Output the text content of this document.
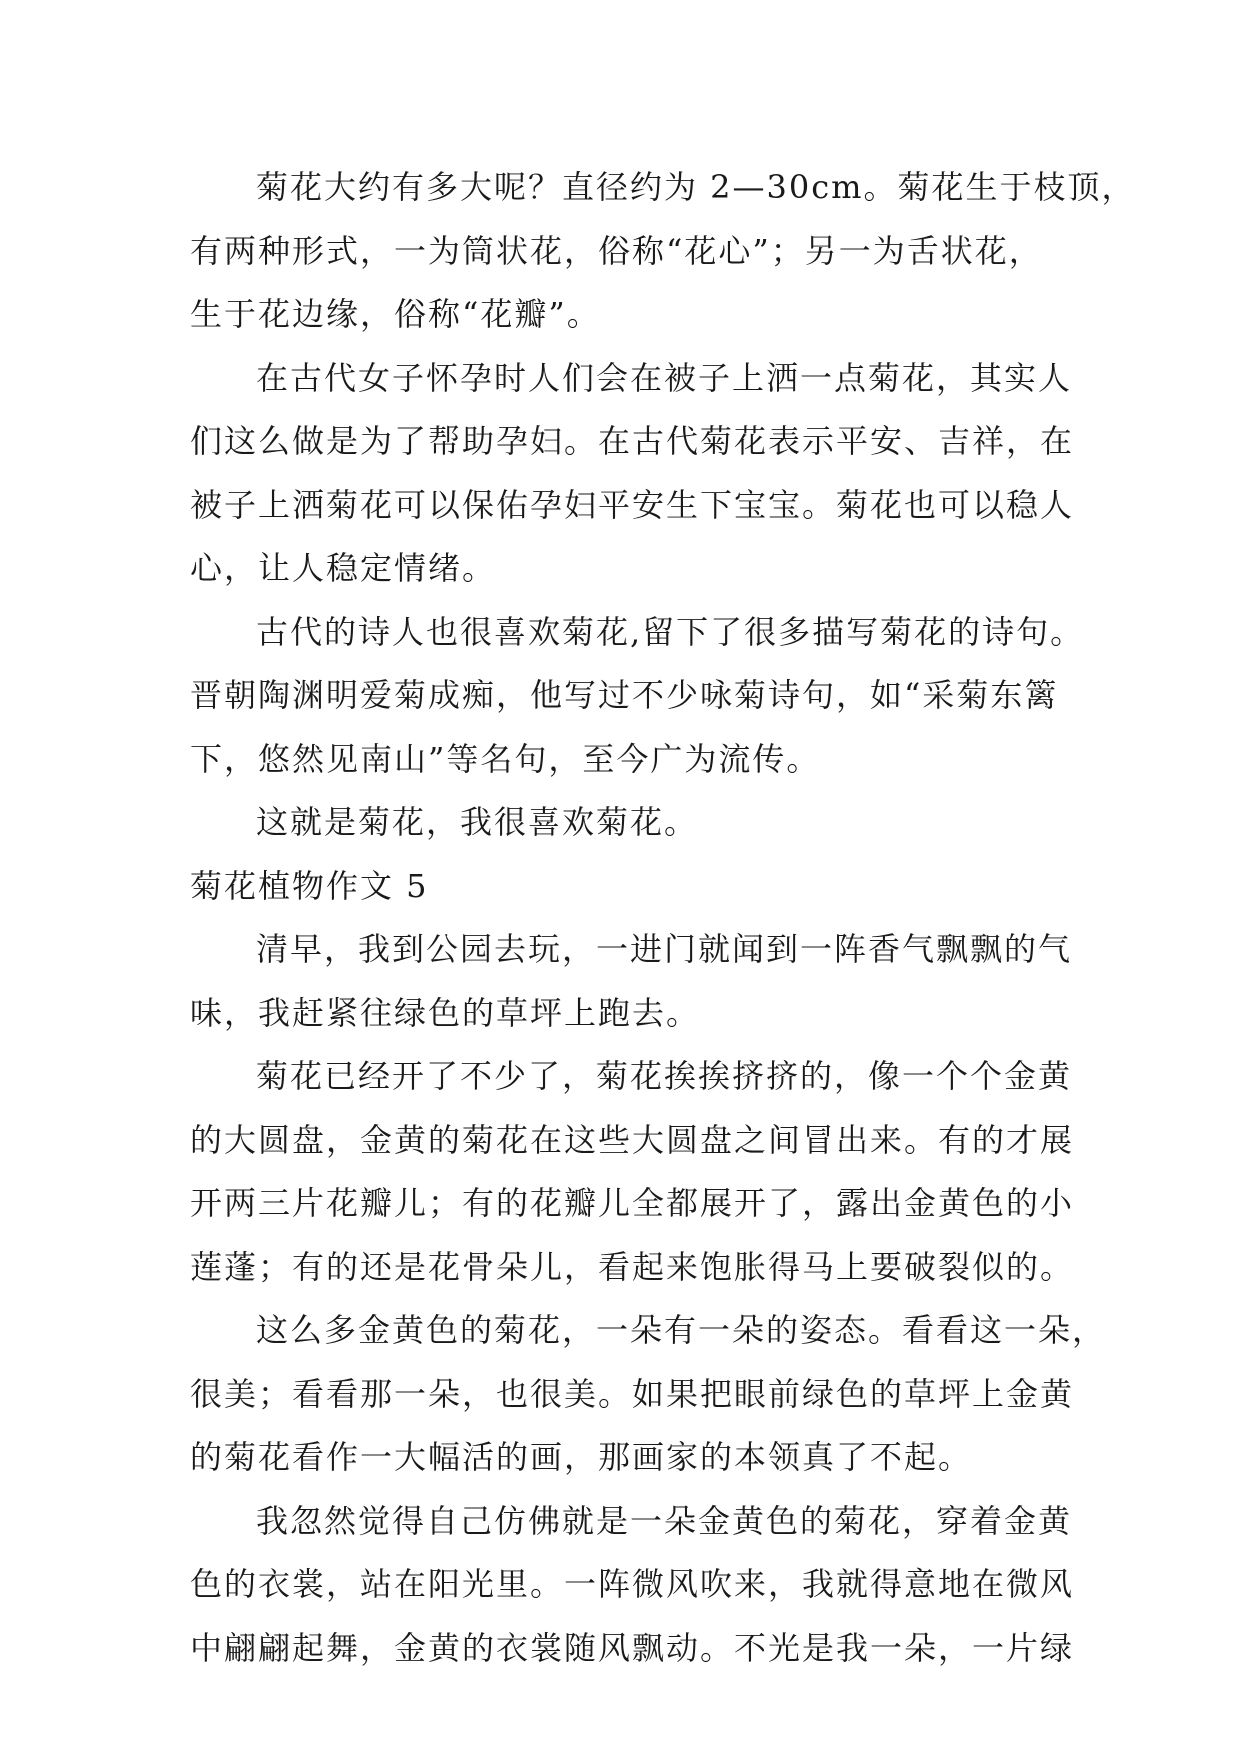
菊花大约有多大呢？直径约为 2—30cm。菊花生于枝顶，
有两种形式，一为筒状花，俗称“花心”；另一为舌状花，
生于花边缘，俗称“花瓣”。
在古代女子怀孕时人们会在被子上洒一点菊花，其实人
们这么做是为了帮助孕妇。在古代菊花表示平安、吉祥，在
被子上洒菊花可以保佑孕妇平安生下宝宝。菊花也可以稳人
心，让人稳定情绪。
古代的诗人也很喜欢菊花,留下了很多描写菊花的诗句。
晋朝陶渊明爱菊成痴，他写过不少咏菊诗句，如“采菊东篱
下，悠然见南山”等名句，至今广为流传。
这就是菊花，我很喜欢菊花。
菊花植物作文 5
清早，我到公园去玩，一进门就闻到一阵香气飘飘的气
味，我赶紧往绿色的草坪上跑去。
菊花已经开了不少了，菊花挨挨挤挤的，像一个个金黄
的大圆盘，金黄的菊花在这些大圆盘之间冒出来。有的才展
开两三片花瓣儿；有的花瓣儿全都展开了，露出金黄色的小
莲蓬；有的还是花骨朵儿，看起来饱胀得马上要破裂似的。
这么多金黄色的菊花，一朵有一朵的姿态。看看这一朵，
很美；看看那一朵，也很美。如果把眼前绿色的草坪上金黄
的菊花看作一大幅活的画，那画家的本领真了不起。
我忽然觉得自己仿佛就是一朵金黄色的菊花，穿着金黄
色的衣裳，站在阳光里。一阵微风吹来，我就得意地在微风
中翩翩起舞，金黄的衣裳随风飘动。不光是我一朵，一片绿
